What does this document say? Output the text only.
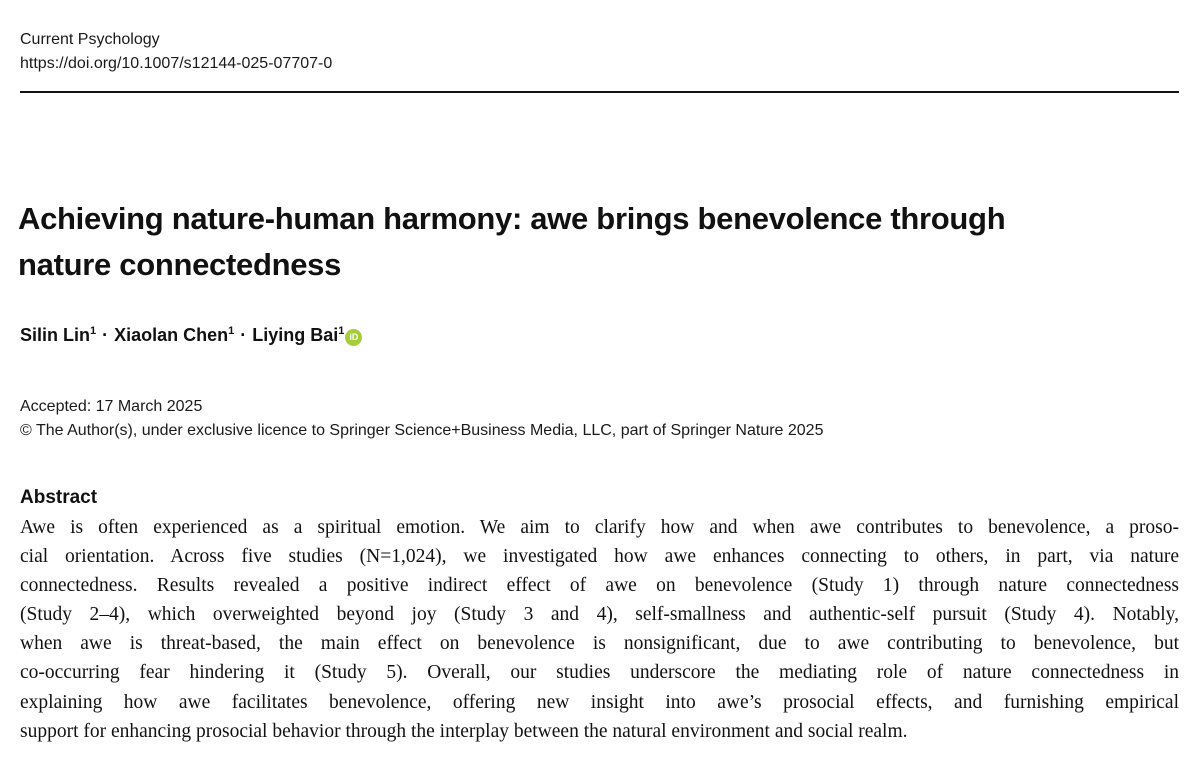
Current Psychology
https://doi.org/10.1007/s12144-025-07707-0
Achieving nature-human harmony: awe brings benevolence through
nature connectedness
Silin Lin$^1$ · Xiaolan Chen$^1$ · Liying Bai$^1$ iD
Accepted: 17 March 2025
© The Author(s), under exclusive licence to Springer Science+Business Media, LLC, part of Springer Nature 2025
Abstract
Awe is often experienced as a spiritual emotion. We aim to clarify how and when awe contributes to benevolence, a proso-
cial orientation. Across five studies (N=1,024), we investigated how awe enhances connecting to others, in part, via nature
connectedness. Results revealed a positive indirect effect of awe on benevolence (Study 1) through nature connectedness
(Study 2–4), which overweighted beyond joy (Study 3 and 4), self-smallness and authentic-self pursuit (Study 4). Notably,
when awe is threat-based, the main effect on benevolence is nonsignificant, due to awe contributing to benevolence, but
co-occurring fear hindering it (Study 5). Overall, our studies underscore the mediating role of nature connectedness in
explaining how awe facilitates benevolence, offering new insight into awe’s prosocial effects, and furnishing empirical
support for enhancing prosocial behavior through the interplay between the natural environment and social realm.
